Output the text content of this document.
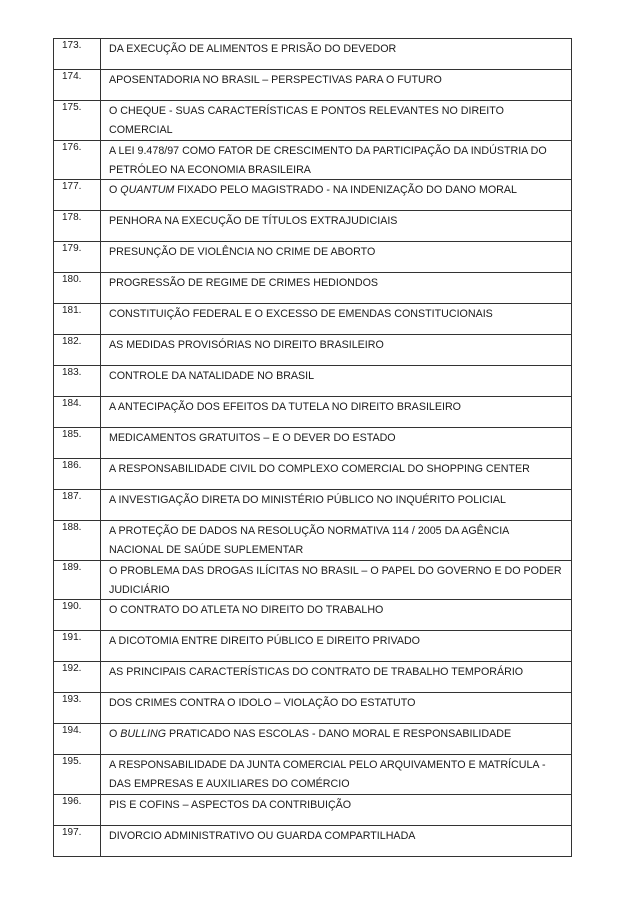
173.	DA EXECUÇÃO DE ALIMENTOS E PRISÃO DO DEVEDOR
174.	APOSENTADORIA NO BRASIL – PERSPECTIVAS PARA O FUTURO
175.	O CHEQUE - SUAS CARACTERÍSTICAS E PONTOS RELEVANTES NO DIREITO
COMERCIAL
176.	A LEI 9.478/97 COMO FATOR DE CRESCIMENTO DA PARTICIPAÇÃO DA INDÚSTRIA DO
PETRÓLEO NA ECONOMIA BRASILEIRA
177.	O QUANTUM FIXADO PELO MAGISTRADO - NA INDENIZAÇÃO DO DANO MORAL
178.	PENHORA NA EXECUÇÃO DE TÍTULOS EXTRAJUDICIAIS
179.	PRESUNÇÃO DE VIOLÊNCIA NO CRIME DE ABORTO
180.	PROGRESSÃO DE REGIME DE CRIMES HEDIONDOS
181.	CONSTITUIÇÃO FEDERAL E O EXCESSO DE EMENDAS CONSTITUCIONAIS
182.	AS MEDIDAS PROVISÓRIAS NO DIREITO BRASILEIRO
183.	CONTROLE DA NATALIDADE NO BRASIL
184.	A ANTECIPAÇÃO DOS EFEITOS DA TUTELA NO DIREITO BRASILEIRO
185.	MEDICAMENTOS GRATUITOS – E O DEVER DO ESTADO
186.	A RESPONSABILIDADE CIVIL DO COMPLEXO COMERCIAL DO SHOPPING CENTER
187.	A INVESTIGAÇÃO DIRETA DO MINISTÉRIO PÚBLICO NO INQUÉRITO POLICIAL
188.	A PROTEÇÃO DE DADOS NA RESOLUÇÃO NORMATIVA 114 / 2005 DA AGÊNCIA
NACIONAL DE SAÚDE SUPLEMENTAR
189.	O PROBLEMA DAS DROGAS ILÍCITAS NO BRASIL – O PAPEL DO GOVERNO E DO PODER
JUDICIÁRIO
190.	O CONTRATO DO ATLETA NO DIREITO DO TRABALHO
191.	A DICOTOMIA ENTRE DIREITO PÚBLICO E DIREITO PRIVADO
192.	AS PRINCIPAIS CARACTERÍSTICAS DO CONTRATO DE TRABALHO TEMPORÁRIO
193.	DOS CRIMES CONTRA O IDOLO – VIOLAÇÃO DO ESTATUTO
194.	O BULLING PRATICADO NAS ESCOLAS - DANO MORAL E RESPONSABILIDADE
195.	A RESPONSABILIDADE DA JUNTA COMERCIAL PELO ARQUIVAMENTO E MATRÍCULA -
DAS EMPRESAS E AUXILIARES DO COMÉRCIO
196.	PIS E COFINS – ASPECTOS DA CONTRIBUIÇÃO
197.	DIVORCIO ADMINISTRATIVO OU GUARDA COMPARTILHADA
